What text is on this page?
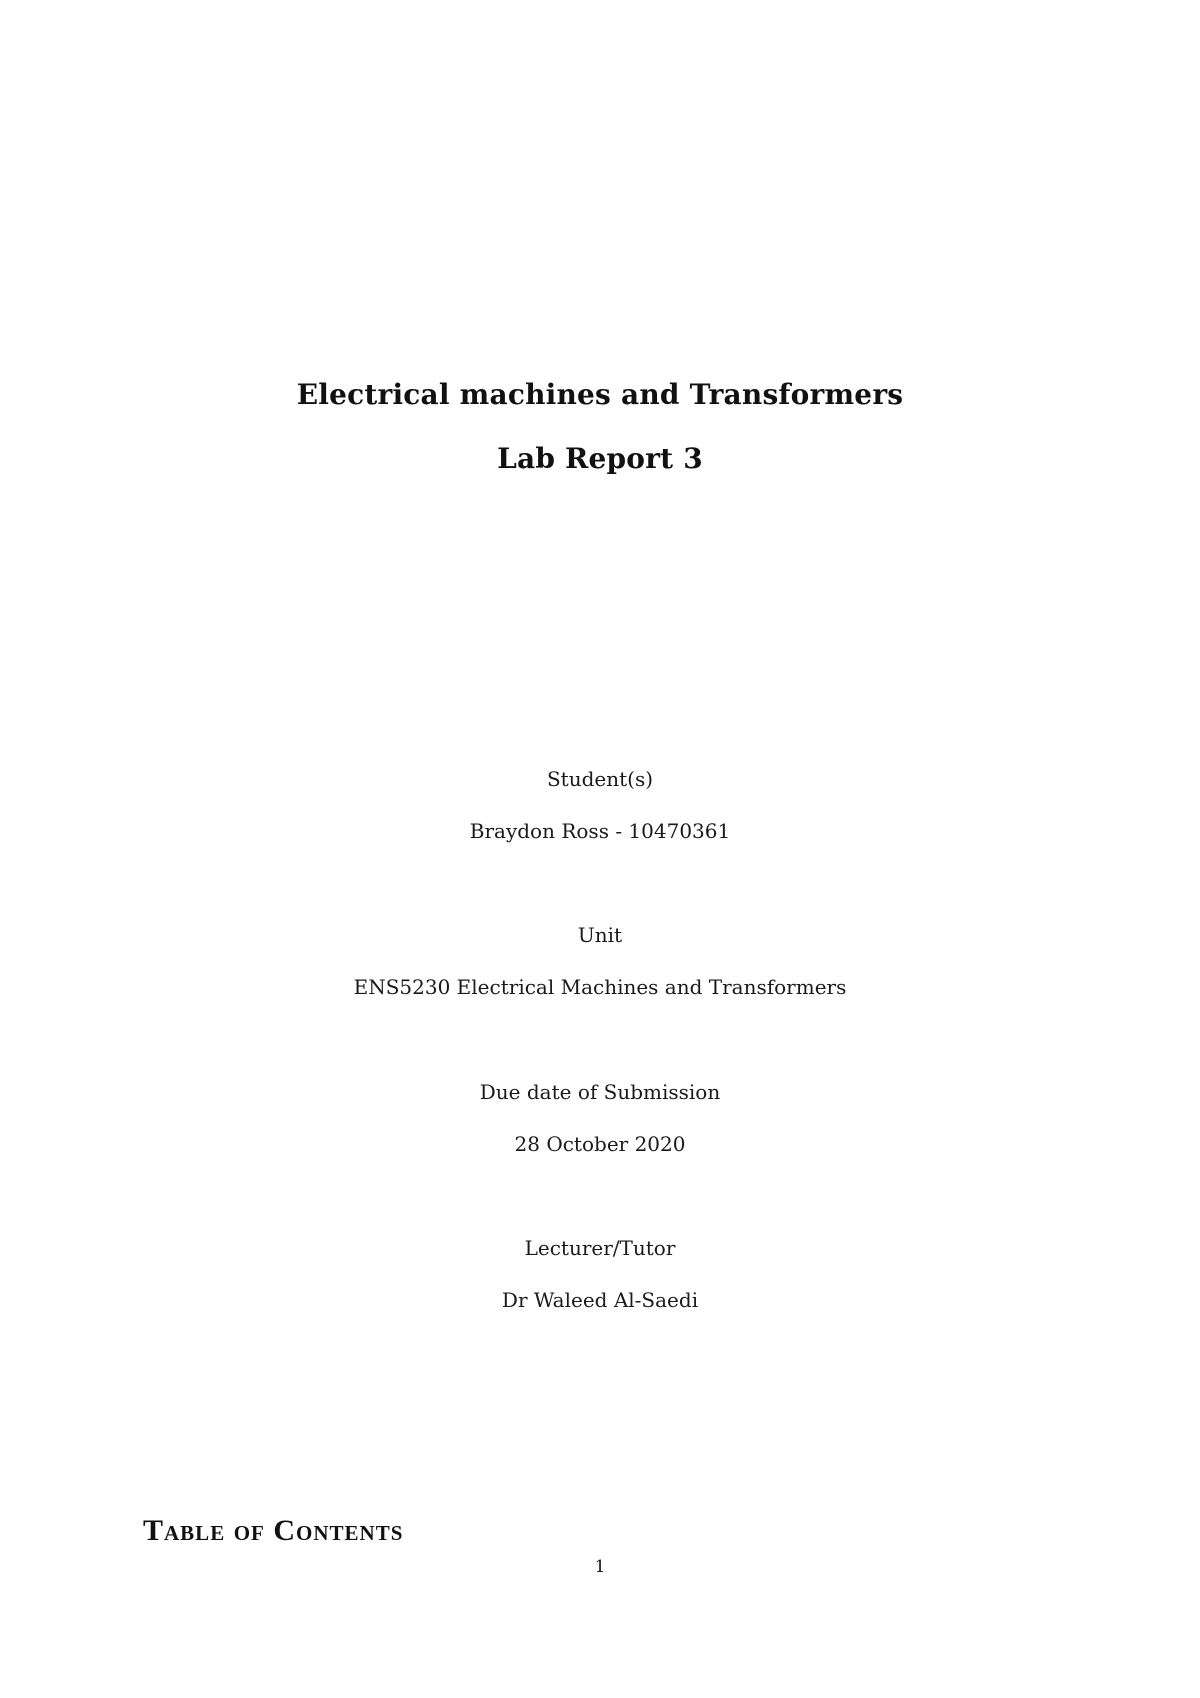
Electrical machines and Transformers
Lab Report 3

Student(s)

Braydon Ross - 10470361

Unit

ENS5230 Electrical Machines and Transformers

Due date of Submission

28 October 2020

Lecturer/Tutor

Dr Waleed Al-Saedi

Table of Contents

1
